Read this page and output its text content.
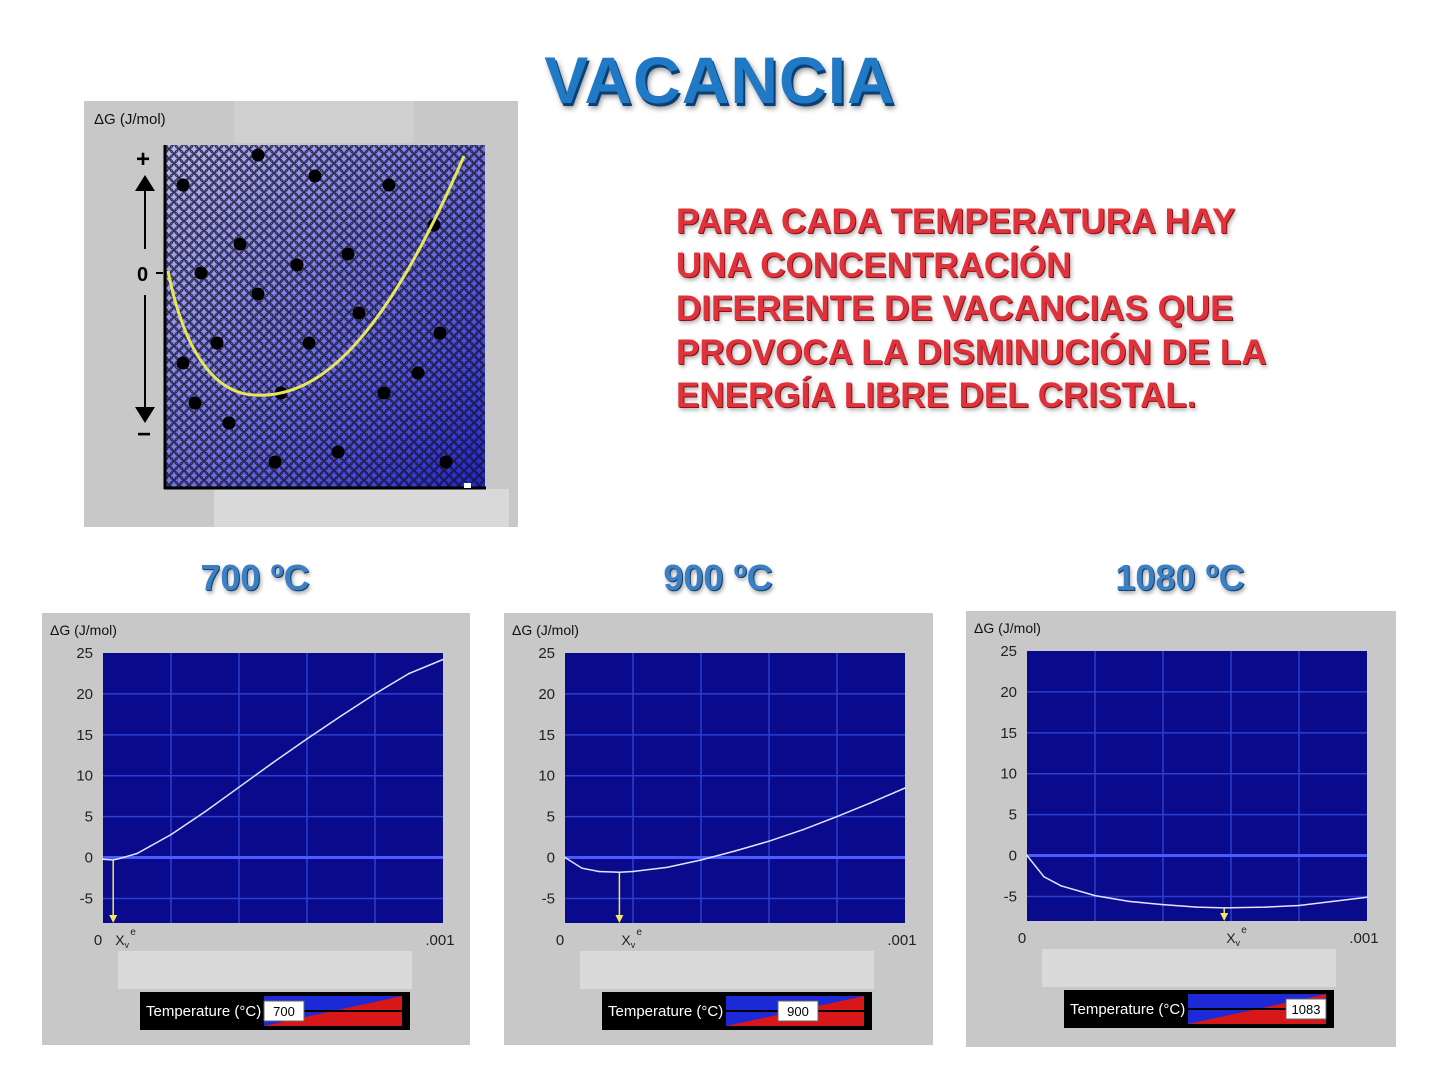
VACANCIA
PARA CADA TEMPERATURA HAY
UNA CONCENTRACIÓN
DIFERENTE DE VACANCIAS QUE
PROVOCA LA DISMINUCIÓN DE LA
ENERGÍA LIBRE DEL CRISTAL.
ΔG (J/mol)
+
0
−
700 ºC	900 ºC	1080 ºC
ΔG (J/mol)
25
20
15
10
5
0
-5
0	.001
$X_v$
e
Temperature (°C) 700
ΔG (J/mol)
25
20
15
10
5
0
-5
0	.001
$X_v$
e
Temperature (°C)	900
ΔG (J/mol)
25
20
15
10
5
0
-5
0	.001
$X_v$
e
Temperature (°C)	1083
